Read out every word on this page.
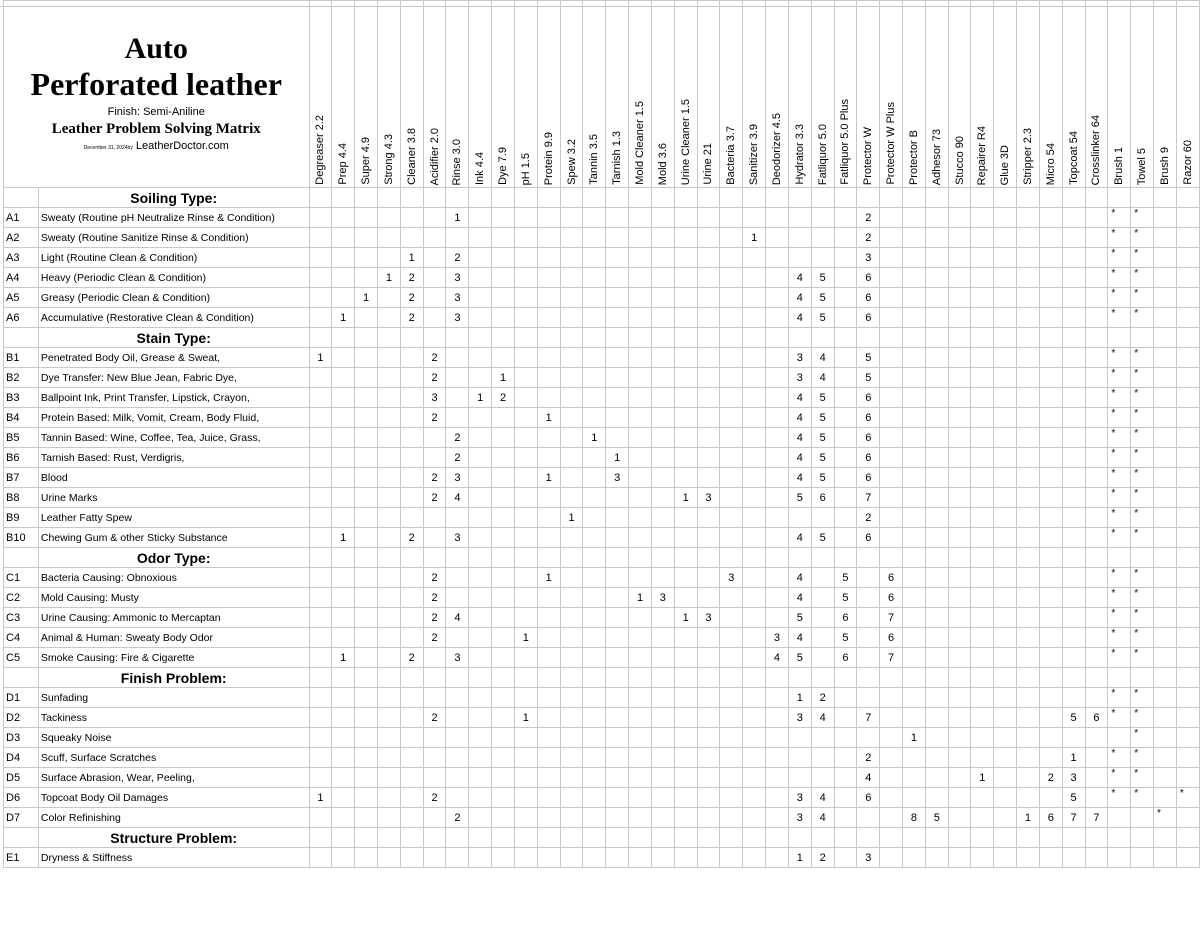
Auto
Perforated leather
Finish: Semi-Aniline
Leather Problem Solving Matrix
December 31, 2024by LeatherDoctor.com		Degreaser 2.2	Prep 4.4	Super 4.9	Strong 4.3	Cleaner 3.8	Acidifier 2.0	Rinse 3.0	Ink 4.4	Dye 7.9	pH 1.5	Protein 9.9	Spew 3.2	Tannin 3.5	Tarnish 1.3	Mold Cleaner 1.5	Mold 3.6	Urine Cleaner 1.5	Urine 21	Bacteria 3.7	Sanitizer 3.9	Deodorizer 4.5	Hydrator 3.3	Fatliquor 5.0	Fatliquor 5.0 Plus	Protector W	Protector W Plus	Protector B	Adhesor 73	Stucco 90	Repairer R4	Glue 3D	Stripper 2.3	Micro 54	Topcoat 54	Crosslinker 64	Brush 1	Towel 5	Brush 9	Razor 60

	Soiling Type:																																							
A1	Sweaty (Routine pH Neutralize Rinse & Condition)							1																		2											*	*		
A2	Sweaty (Routine Sanitize Rinse & Condition)																				1					2											*	*		
A3	Light (Routine Clean & Condition)					1		2																		3											*	*		
A4	Heavy (Periodic Clean & Condition)				1	2		3															4	5		6											*	*		
A5	Greasy (Periodic Clean & Condition)			1		2		3															4	5		6											*	*		
A6	Accumulative (Restorative Clean & Condition)		1			2		3															4	5		6											*	*		
	Stain Type:																																							
B1	Penetrated Body Oil, Grease & Sweat,	1					2																3	4		5											*	*		
B2	Dye Transfer: New Blue Jean, Fabric Dye,						2			1													3	4		5											*	*		
B3	Ballpoint Ink, Print Transfer, Lipstick, Crayon,						3		1	2													4	5		6											*	*		
B4	Protein Based: Milk, Vomit, Cream, Body Fluid,						2					1											4	5		6											*	*		
B5	Tannin Based: Wine, Coffee, Tea, Juice, Grass,							2						1									4	5		6											*	*		
B6	Tarnish Based: Rust, Verdigris,							2							1								4	5		6											*	*		
B7	Blood						2	3				1			3								4	5		6											*	*		
B8	Urine Marks						2	4										1	3				5	6		7											*	*		
B9	Leather Fatty Spew												1													2											*	*		
B10	Chewing Gum & other Sticky Substance		1			2		3															4	5		6											*	*		
	Odor Type:																																							
C1	Bacteria Causing: Obnoxious						2					1								3			4		5		6										*	*		
C2	Mold Causing: Musty						2									1	3						4		5		6										*	*		
C3	Urine Causing: Ammonic to Mercaptan						2	4										1	3				5		6		7										*	*		
C4	Animal & Human: Sweaty Body Odor						2				1											3	4		5		6										*	*		
C5	Smoke Causing: Fire & Cigarette		1			2		3														4	5		6		7										*	*		
	Finish Problem:																																							
D1	Sunfading																						1	2													*	*		
D2	Tackiness						2				1												3	4		7									5	6	*	*		
D3	Squeaky Noise																											1										*		
D4	Scuff, Surface Scratches																									2									1		*	*		
D5	Surface Abrasion, Wear, Peeling,																									4					1			2	3		*	*		
D6	Topcoat Body Oil Damages	1					2																3	4		6									5		*	*		*
D7	Color Refinishing							2															3	4				8	5				1	6	7	7			*	
	Structure Problem:																																							
E1	Dryness & Stiffness																						1	2		3														
